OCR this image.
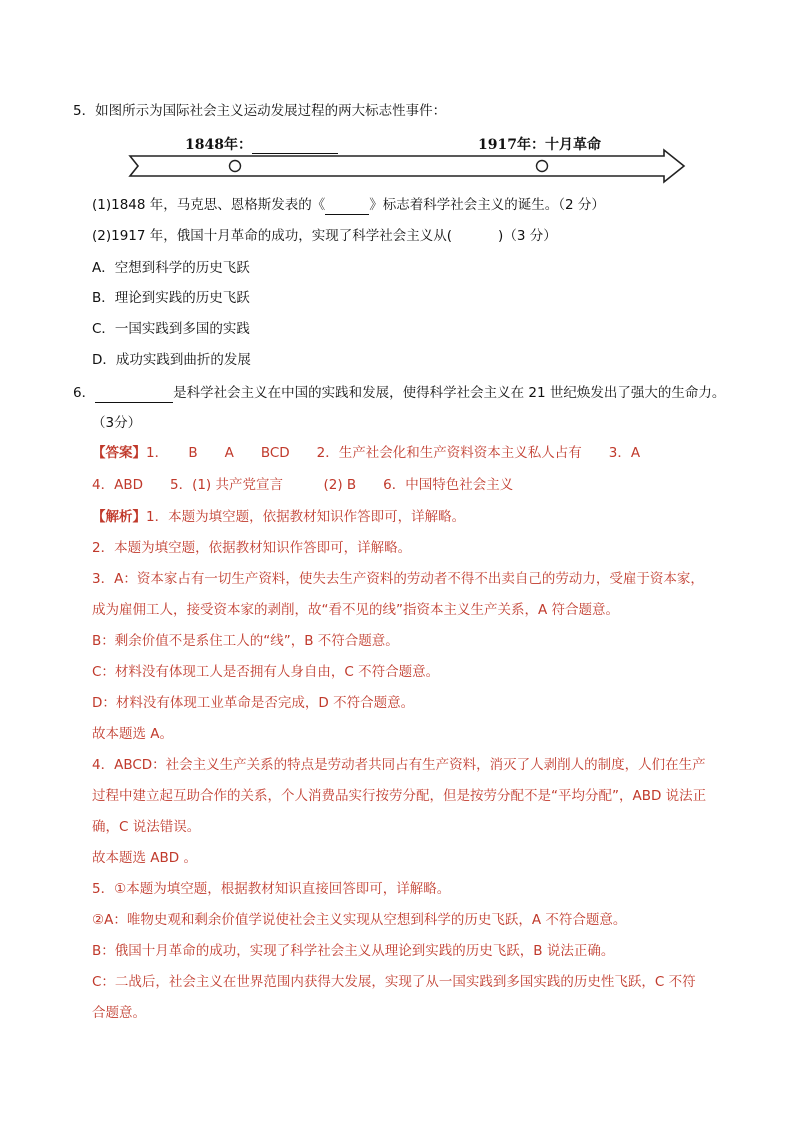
5．如图所示为国际社会主义运动发展过程的两大标志性事件：
1848年：	1917年：十月革命
(1)1848 年，马克思、恩格斯发表的《	》标志着科学社会主义的诞生。（2 分）
(2)1917 年，俄国十月革命的成功，实现了科学社会主义从(	)（3 分）
A．空想到科学的历史飞跃
B．理论到实践的历史飞跃
C．一国实践到多国的实践
D．成功实践到曲折的发展
6．	是科学社会主义在中国的实践和发展，使得科学社会主义在 21 世纪焕发出了强大的生命力。
（3分）
【答案】1．　　B　　A　　BCD　　2．生产社会化和生产资料资本主义私人占有　　3．A
4．ABD　　5．(1) 共产党宣言　　　(2) B　　6．中国特色社会主义
【解析】1．本题为填空题，依据教材知识作答即可，详解略。
2．本题为填空题，依据教材知识作答即可，详解略。
3．A：资本家占有一切生产资料，使失去生产资料的劳动者不得不出卖自己的劳动力，受雇于资本家，
成为雇佣工人，接受资本家的剥削，故“看不见的线”指资本主义生产关系，A 符合题意。
B：剩余价值不是系住工人的“线”，B 不符合题意。
C：材料没有体现工人是否拥有人身自由，C 不符合题意。
D：材料没有体现工业革命是否完成，D 不符合题意。
故本题选 A。
4．ABCD：社会主义生产关系的特点是劳动者共同占有生产资料，消灭了人剥削人的制度，人们在生产
过程中建立起互助合作的关系，个人消费品实行按劳分配，但是按劳分配不是“平均分配”，ABD 说法正
确，C 说法错误。
故本题选 ABD 。
5．①本题为填空题，根据教材知识直接回答即可，详解略。
②A：唯物史观和剩余价值学说使社会主义实现从空想到科学的历史飞跃，A 不符合题意。
B：俄国十月革命的成功，实现了科学社会主义从理论到实践的历史飞跃，B 说法正确。
C：二战后，社会主义在世界范围内获得大发展，实现了从一国实践到多国实践的历史性飞跃，C 不符
合题意。
